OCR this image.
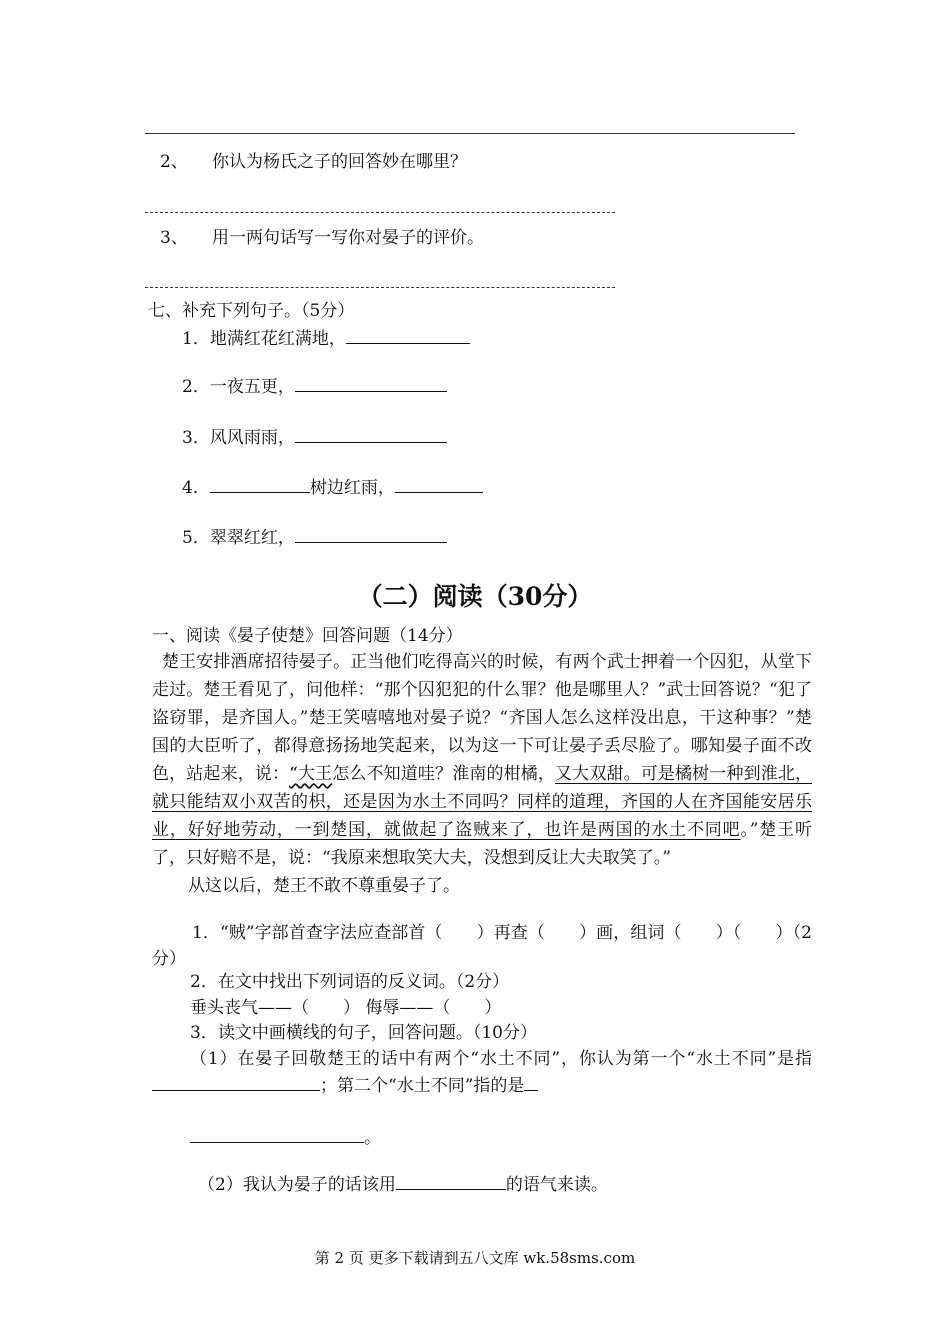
2、 你认为杨氏之子的回答妙在哪里？
3、 用一两句话写一写你对晏子的评价。
七、补充下列句子。（5分）
1．地满红花红满地，
2．一夜五更，
3．风风雨雨，
4．	树边红雨，
5．翠翠红红，
（二）阅读（30分）
一、阅读《晏子使楚》回答问题（14分）

楚王安排酒席招待晏子。正当他们吃得高兴的时候，有两个武士押着一个囚犯，从堂下走过。楚王看见了，问他样：“那个囚犯犯的什么罪？他是哪里人？”武士回答说？“犯了盗窃罪，是齐国人。”楚王笑嘻嘻地对晏子说？“齐国人怎么这样没出息，干这种事？”楚国的大臣听了，都得意扬扬地笑起来，以为这一下可让晏子丢尽脸了。哪知晏子面不改色，站起来，说：“大王怎么不知道哇？淮南的柑橘，又大双甜。可是橘树一种到淮北，就只能结双小双苦的枳，还是因为水土不同吗？同样的道理，齐国的人在齐国能安居乐业，好好地劳动，一到楚国，就做起了盗贼来了，也许是两国的水土不同吧。”楚王听了，只好赔不是，说：“我原来想取笑大夫，没想到反让大夫取笑了。”

从这以后，楚王不敢不尊重晏子了。

1．“贼”字部首查字法应查部首（　　）再查（　　）画，组词（　　）（　　）（2分）

2．在文中找出下列词语的反义词。（2分）
垂头丧气——（　　） 侮辱——（　　）
3．读文中画横线的句子，回答问题。（10分）

（1）在晏子回敬楚王的话中有两个“水土不同”，你认为第一个“水土不同”是指；第二个“水土不同”指的是

。
（2）我认为晏子的话该用	的语气来读。
第 2 页 更多下载请到五八文库 wk.58sms.com
